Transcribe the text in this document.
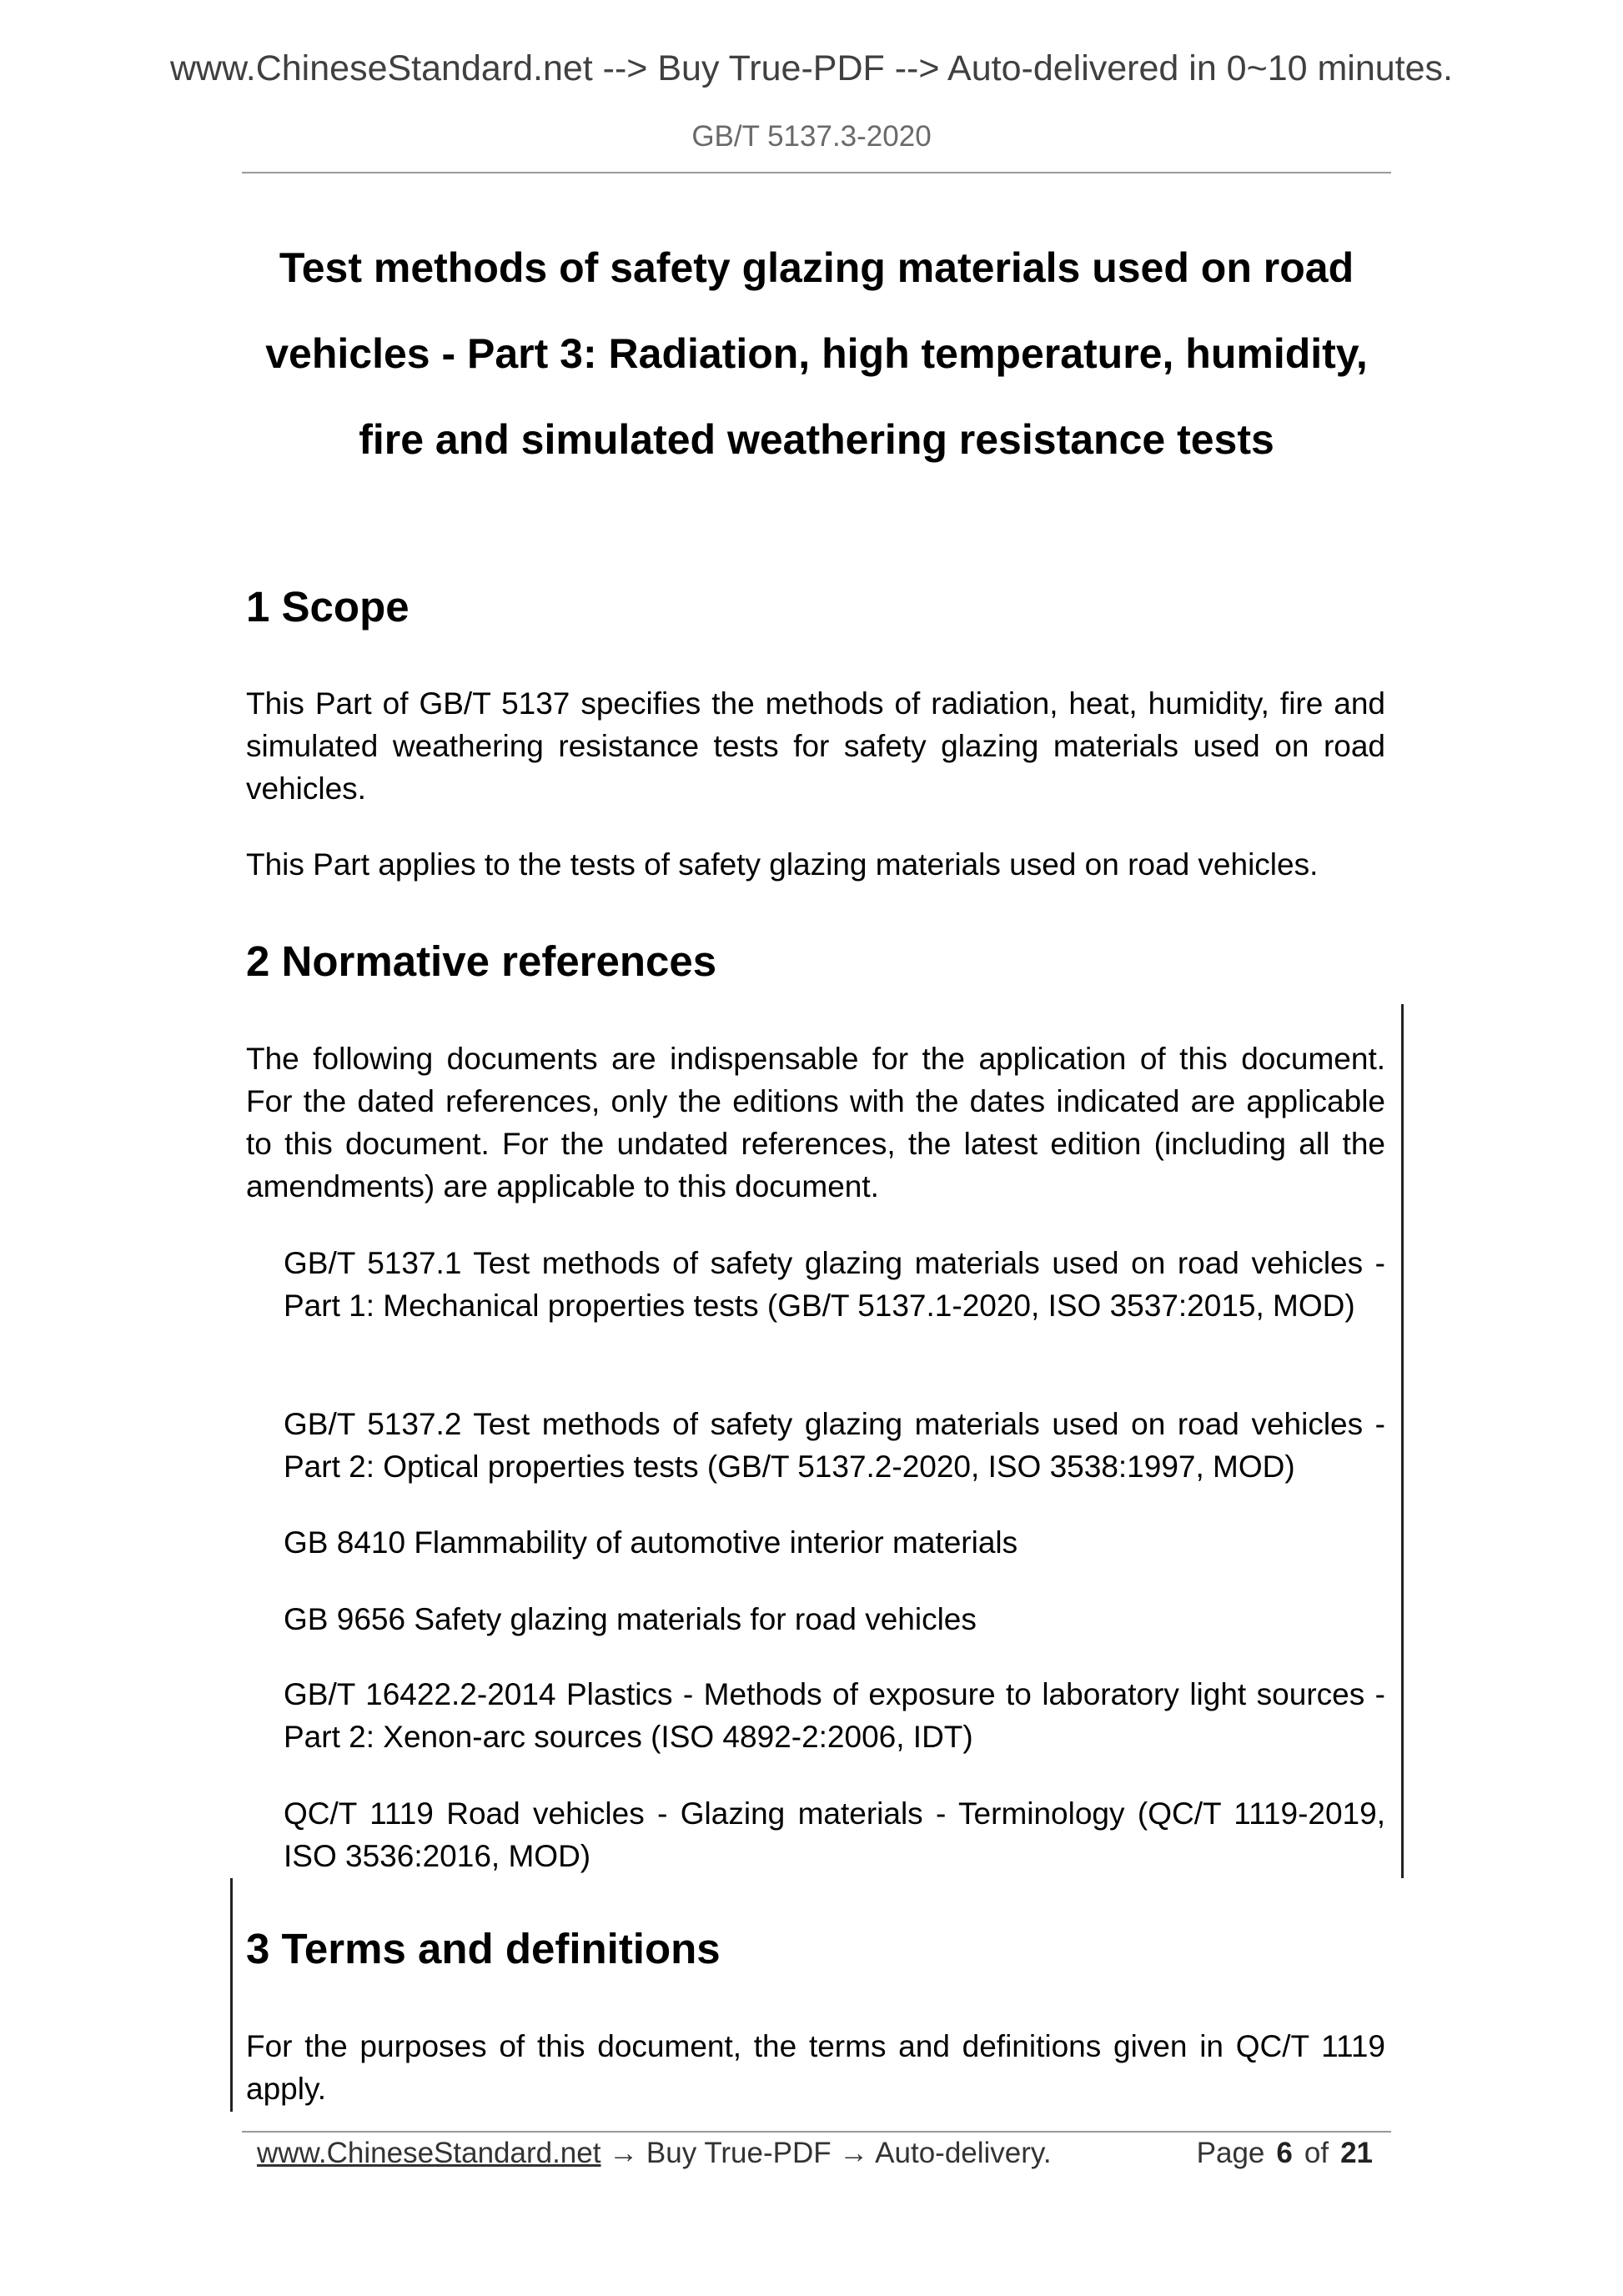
www.ChineseStandard.net --> Buy True-PDF --> Auto-delivered in 0~10 minutes.
GB/T 5137.3-2020
Test methods of safety glazing materials used on road
vehicles - Part 3: Radiation, high temperature, humidity,
fire and simulated weathering resistance tests
1 Scope

This Part of GB/T 5137 specifies the methods of radiation, heat, humidity, fire and simulated weathering resistance tests for safety glazing materials used on road vehicles.

This Part applies to the tests of safety glazing materials used on road vehicles.

2 Normative references

The following documents are indispensable for the application of this document. For the dated references, only the editions with the dates indicated are applicable to this document. For the undated references, the latest edition (including all the amendments) are applicable to this document.

GB/T 5137.1 Test methods of safety glazing materials used on road vehicles - Part 1: Mechanical properties tests (GB/T 5137.1-2020, ISO 3537:2015, MOD)

GB/T 5137.2 Test methods of safety glazing materials used on road vehicles - Part 2: Optical properties tests (GB/T 5137.2-2020, ISO 3538:1997, MOD)

GB 8410 Flammability of automotive interior materials

GB 9656 Safety glazing materials for road vehicles

GB/T 16422.2-2014 Plastics - Methods of exposure to laboratory light sources - Part 2: Xenon-arc sources (ISO 4892-2:2006, IDT)

QC/T 1119 Road vehicles - Glazing materials - Terminology (QC/T 1119-2019, ISO 3536:2016, MOD)

3 Terms and definitions

For the purposes of this document, the terms and definitions given in QC/T 1119 apply.

www.ChineseStandard.net → Buy True-PDF → Auto-delivery.	Page 6 of 21
